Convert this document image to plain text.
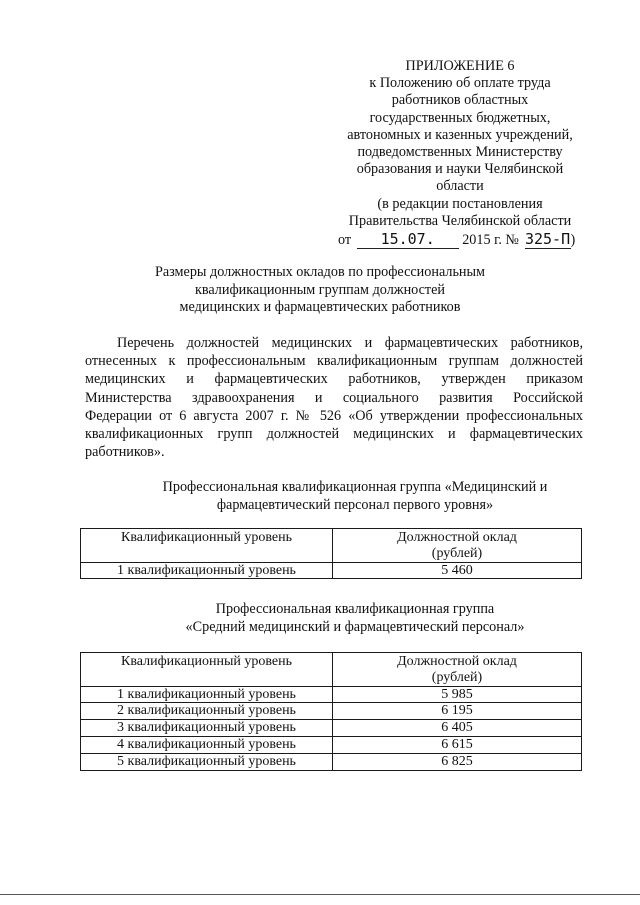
ПРИЛОЖЕНИЕ 6
к Положению об оплате труда
работников областных
государственных бюджетных,
автономных и казенных учреждений,
подведомственных Министерству
образования и науки Челябинской
области
(в редакции постановления
Правительства Челябинской области
от 15.07. 2015 г. № 325-П)
Размеры должностных окладов по профессиональным
квалификационным группам должностей
медицинских и фармацевтических работников
Перечень должностей медицинских и фармацевтических работников,
отнесенных к профессиональным квалификационным группам должностей
медицинских и фармацевтических работников, утвержден приказом
Министерства здравоохранения и социального развития Российской
Федерации от 6 августа 2007 г. № 526 «Об утверждении профессиональных
квалификационных групп должностей медицинских и фармацевтических
работников».
Профессиональная квалификационная группа «Медицинский и
фармацевтический персонал первого уровня»
Квалификационный уровень	Должностной оклад
(рублей)

1 квалификационный уровень	5 460
Профессиональная квалификационная группа
«Средний медицинский и фармацевтический персонал»
Квалификационный уровень	Должностной оклад
(рублей)

1 квалификационный уровень	5 985
2 квалификационный уровень	6 195
3 квалификационный уровень	6 405
4 квалификационный уровень	6 615
5 квалификационный уровень	6 825
